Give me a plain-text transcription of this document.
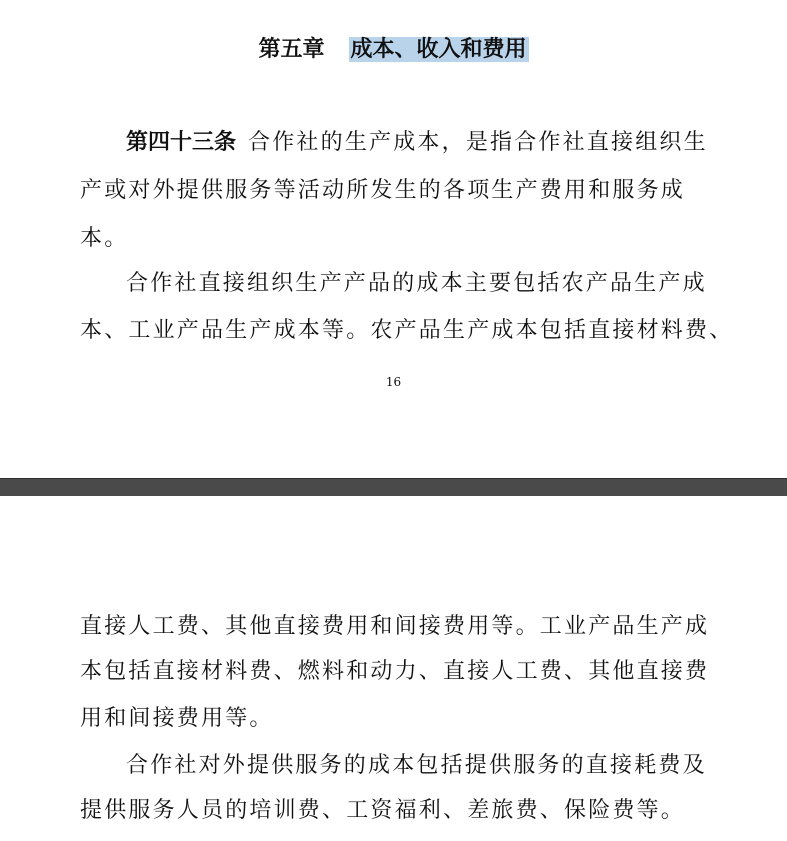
第五章 成本、收入和费用
第四十三条 合作社的生产成本，是指合作社直接组织生
产或对外提供服务等活动所发生的各项生产费用和服务成
本。
合作社直接组织生产产品的成本主要包括农产品生产成
本、工业产品生产成本等。农产品生产成本包括直接材料费、
16
直接人工费、其他直接费用和间接费用等。工业产品生产成
本包括直接材料费、燃料和动力、直接人工费、其他直接费
用和间接费用等。
合作社对外提供服务的成本包括提供服务的直接耗费及
提供服务人员的培训费、工资福利、差旅费、保险费等。
